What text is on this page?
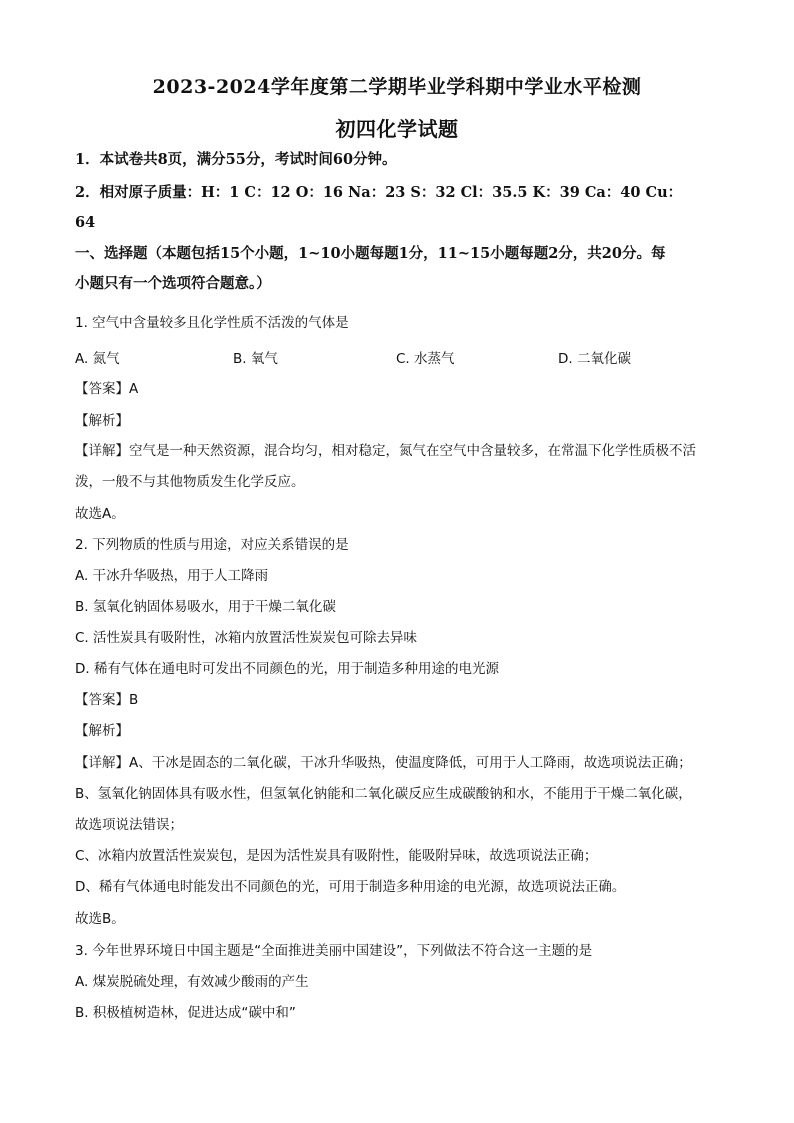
2023-2024学年度第二学期毕业学科期中学业水平检测
初四化学试题
1．本试卷共8页，满分55分，考试时间60分钟。
2．相对原子质量：H：1 C：12 O：16 Na：23 S：32 Cl：35.5 K：39 Ca：40 Cu：
64
一、选择题（本题包括15个小题，1~10小题每题1分，11~15小题每题2分，共20分。每
小题只有一个选项符合题意。）
1. 空气中含量较多且化学性质不活泼的气体是
A. 氮气	B. 氧气	C. 水蒸气	D. 二氧化碳
【答案】A
【解析】
【详解】空气是一种天然资源，混合均匀，相对稳定，氮气在空气中含量较多，在常温下化学性质极不活
泼，一般不与其他物质发生化学反应。
故选A。
2. 下列物质的性质与用途，对应关系错误的是
A. 干冰升华吸热，用于人工降雨
B. 氢氧化钠固体易吸水，用于干燥二氧化碳
C. 活性炭具有吸附性，冰箱内放置活性炭炭包可除去异味
D. 稀有气体在通电时可发出不同颜色的光，用于制造多种用途的电光源
【答案】B
【解析】
【详解】A、干冰是固态的二氧化碳，干冰升华吸热，使温度降低，可用于人工降雨，故选项说法正确；
B、氢氧化钠固体具有吸水性，但氢氧化钠能和二氧化碳反应生成碳酸钠和水，不能用于干燥二氧化碳，
故选项说法错误；
C、冰箱内放置活性炭炭包，是因为活性炭具有吸附性，能吸附异味，故选项说法正确；
D、稀有气体通电时能发出不同颜色的光，可用于制造多种用途的电光源，故选项说法正确。
故选B。
3. 今年世界环境日中国主题是“全面推进美丽中国建设”，下列做法不符合这一主题的是
A. 煤炭脱硫处理，有效减少酸雨的产生
B. 积极植树造林，促进达成“碳中和”
